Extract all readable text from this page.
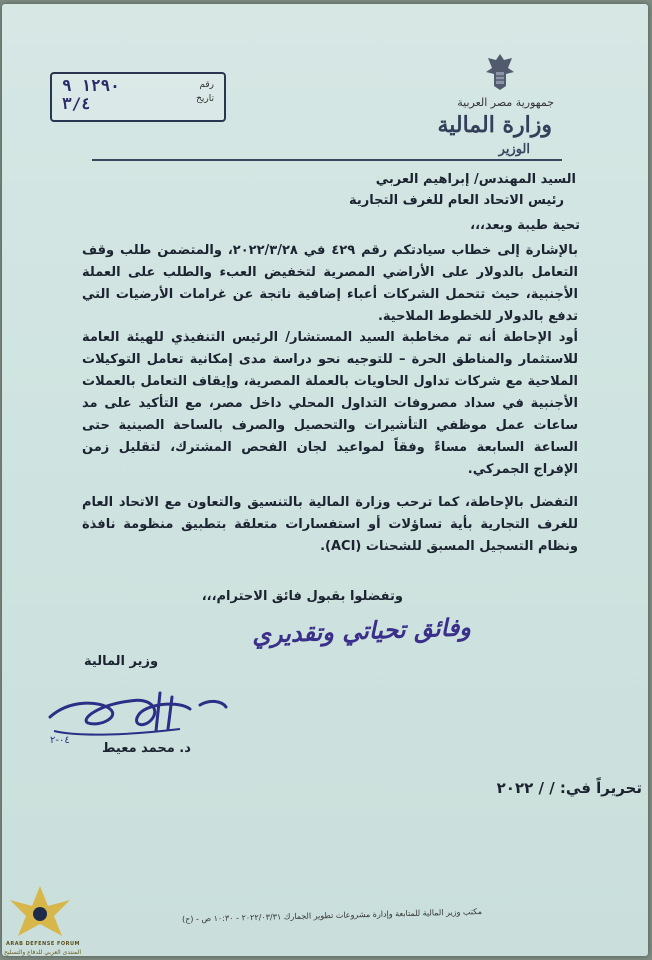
رقم
تاريخ
١٢٩٠ ٩
٣/٤	جمهورية مصر العربية
وزارة المالية
الوزير
السيد المهندس/ إبراهيم العربي
رئيس الاتحاد العام للغرف التجارية
تحية طيبة وبعد،،،
بالإشارة إلى خطاب سيادتكم رقم ٤٢٩ في ٢٠٢٢/٣/٢٨، والمتضمن طلب وقف التعامل بالدولار على الأراضي المصرية لتخفيض العبء والطلب على العملة الأجنبية، حيث تتحمل الشركات أعباء إضافية ناتجة عن غرامات الأرضيات التي تدفع بالدولار للخطوط الملاحية.
أود الإحاطة أنه تم مخاطبة السيد المستشار/ الرئيس التنفيذي للهيئة العامة للاستثمار والمناطق الحرة – للتوجيه نحو دراسة مدى إمكانية تعامل التوكيلات الملاحية مع شركات تداول الحاويات بالعملة المصرية، وإيقاف التعامل بالعملات الأجنبية في سداد مصروفات التداول المحلي داخل مصر، مع التأكيد على مد ساعات عمل موظفي التأشيرات والتحصيل والصرف بالساحة الصينية حتى الساعة السابعة مساءً وفقاً لمواعيد لجان الفحص المشترك، لتقليل زمن الإفراج الجمركي.
التفضل بالإحاطة، كما ترحب وزارة المالية بالتنسيق والتعاون مع الاتحاد العام للغرف التجارية بأية تساؤلات أو استفسارات متعلقة بتطبيق منظومة نافذة ونظام التسجيل المسبق للشحنات (ACI).
وتفضلوا بقبول فائق الاحترام،،،
وفائق تحياتي وتقديري
وزير المالية
٠٤-٢
د. محمد معيط
تحريراً في: / / ٢٠٢٢
مكتب وزير المالية للمتابعة وإدارة مشروعات تطوير الجمارك ٢٠٢٢/٠٣/٣١ - ١٠:٣٠ ص - (ح)
ARAB DEFENSE FORUM
المنتدى العربي للدفاع والتسليح
